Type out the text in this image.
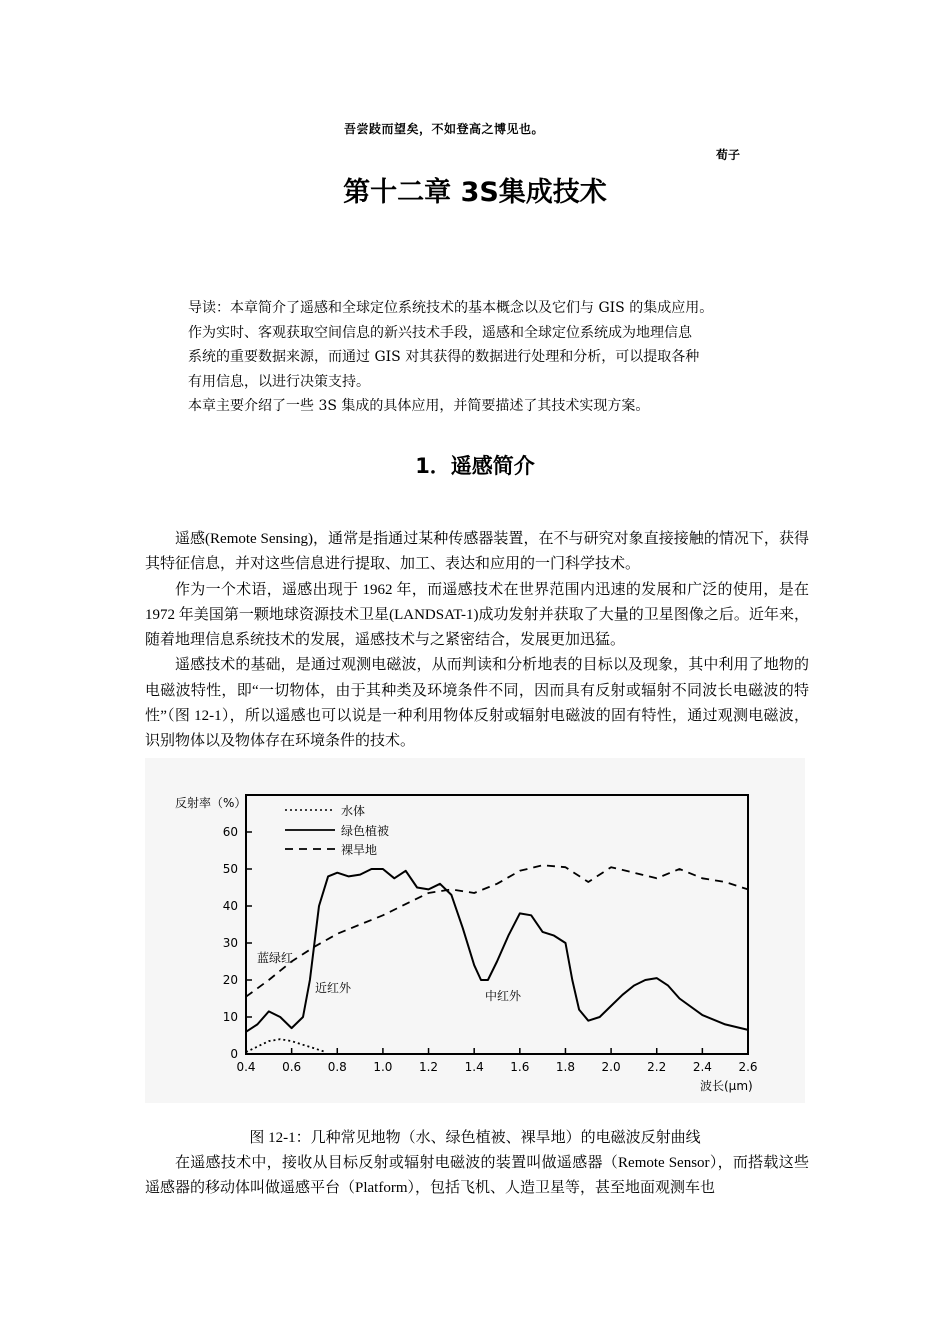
吾尝跂而望矣，不如登高之博见也。
荀子
第十二章 3S集成技术

导读：本章简介了遥感和全球定位系统技术的基本概念以及它们与 GIS 的集成应用。

作为实时、客观获取空间信息的新兴技术手段，遥感和全球定位系统成为地理信息

系统的重要数据来源，而通过 GIS 对其获得的数据进行处理和分析，可以提取各种

有用信息，以进行决策支持。

本章主要介绍了一些 3S 集成的具体应用，并简要描述了其技术实现方案。

1．遥感简介

遥感(Remote Sensing)，通常是指通过某种传感器装置，在不与研究对象直接接触的情况下，获得其特征信息，并对这些信息进行提取、加工、表达和应用的一门科学技术。

作为一个术语，遥感出现于 1962 年，而遥感技术在世界范围内迅速的发展和广泛的使用，是在 1972 年美国第一颗地球资源技术卫星(LANDSAT-1)成功发射并获取了大量的卫星图像之后。近年来，随着地理信息系统技术的发展，遥感技术与之紧密结合，发展更加迅猛。

遥感技术的基础，是通过观测电磁波，从而判读和分析地表的目标以及现象，其中利用了地物的电磁波特性，即“一切物体，由于其种类及环境条件不同，因而具有反射或辐射不同波长电磁波的特性”（图 12-1），所以遥感也可以说是一种利用物体反射或辐射电磁波的固有特性，通过观测电磁波，识别物体以及物体存在环境条件的技术。

0
10
20
30
40
50
60
0.4 0.6 0.8 1.0 1.2 1.4 1.6 1.8 2.0 2.2 2.4 2.6
反射率（%）
波长(μm)
蓝绿红
近红外
中红外
水体
绿色植被
裸旱地
图 12-1：几种常见地物（水、绿色植被、裸旱地）的电磁波反射曲线

在遥感技术中，接收从目标反射或辐射电磁波的装置叫做遥感器（Remote Sensor），而搭载这些遥感器的移动体叫做遥感平台（Platform），包括飞机、人造卫星等，甚至地面观测车也
